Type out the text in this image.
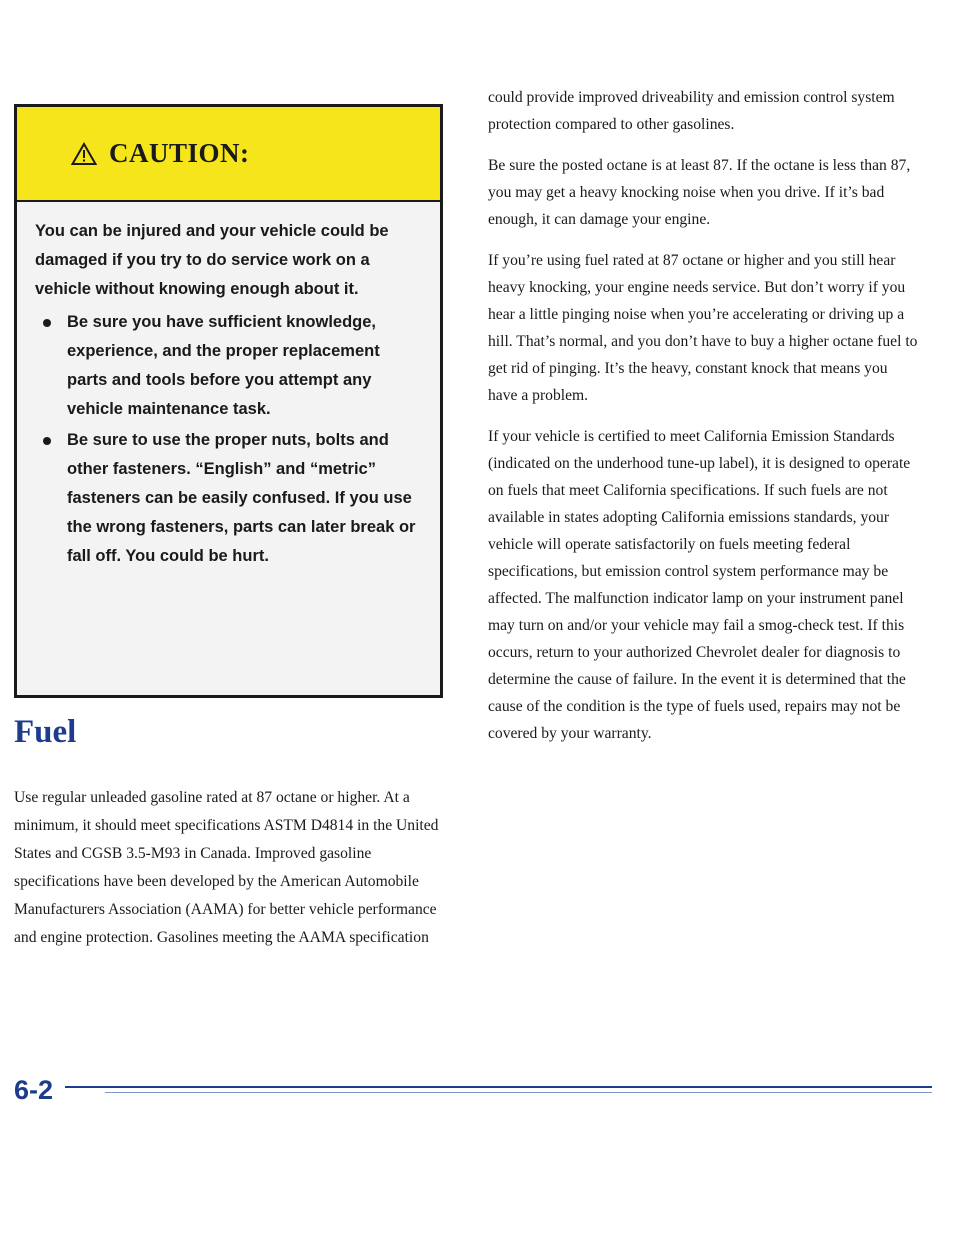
CAUTION:

You can be injured and your vehicle could be damaged if you try to do service work on a vehicle without knowing enough about it.

Be sure you have sufficient knowledge, experience, and the proper replacement parts and tools before you attempt any vehicle maintenance task.
Be sure to use the proper nuts, bolts and other fasteners. “English” and “metric” fasteners can be easily confused. If you use the wrong fasteners, parts can later break or fall off. You could be hurt.
Fuel

Use regular unleaded gasoline rated at 87 octane or higher. At a minimum, it should meet specifications ASTM D4814 in the United States and CGSB 3.5-M93 in Canada. Improved gasoline specifications have been developed by the American Automobile Manufacturers Association (AAMA) for better vehicle performance and engine protection. Gasolines meeting the AAMA specification

could provide improved driveability and emission control system protection compared to other gasolines.

Be sure the posted octane is at least 87. If the octane is less than 87, you may get a heavy knocking noise when you drive. If it’s bad enough, it can damage your engine.

If you’re using fuel rated at 87 octane or higher and you still hear heavy knocking, your engine needs service. But don’t worry if you hear a little pinging noise when you’re accelerating or driving up a hill. That’s normal, and you don’t have to buy a higher octane fuel to get rid of pinging. It’s the heavy, constant knock that means you have a problem.

If your vehicle is certified to meet California Emission Standards (indicated on the underhood tune-up label), it is designed to operate on fuels that meet California specifications. If such fuels are not available in states adopting California emissions standards, your vehicle will operate satisfactorily on fuels meeting federal specifications, but emission control system performance may be affected. The malfunction indicator lamp on your instrument panel may turn on and/or your vehicle may fail a smog-check test. If this occurs, return to your authorized Chevrolet dealer for diagnosis to determine the cause of failure. In the event it is determined that the cause of the condition is the type of fuels used, repairs may not be covered by your warranty.

6-2
